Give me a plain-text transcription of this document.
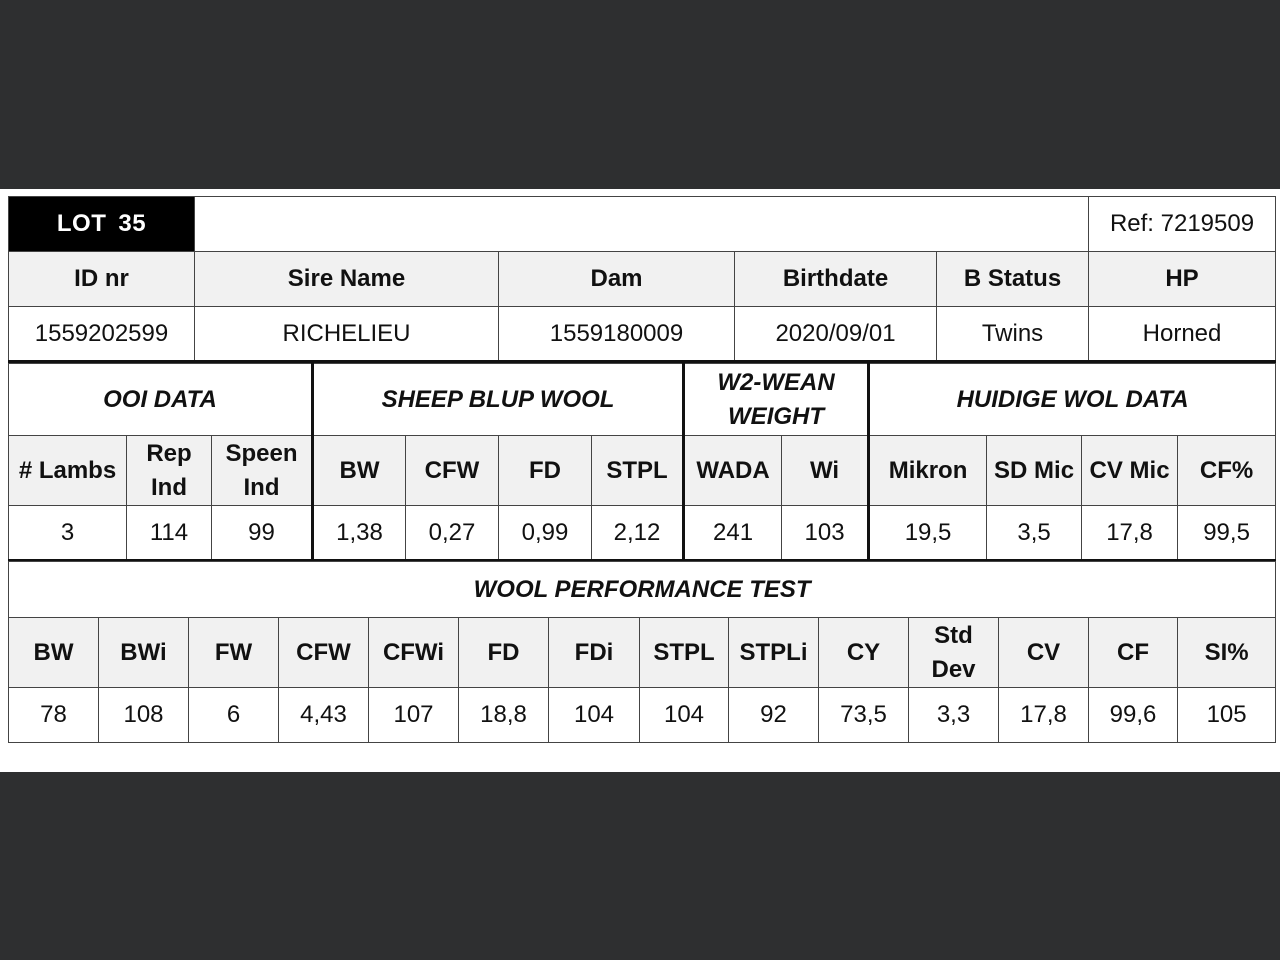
LOT 35					Ref: 7219509
ID nr	Sire Name	Dam	Birthdate	B Status	HP
1559202599	RICHELIEU	1559180009	2020/09/01	Twins	Horned
OOI DATA			SHEEP BLUP WOOL				W2-WEAN WEIGHT		HUIDIGE WOL DATA			
# Lambs	Rep Ind	Speen Ind	BW	CFW	FD	STPL	WADA	Wi	Mikron	SD Mic	CV Mic	CF%
3	114	99	1,38	0,27	0,99	2,12	241	103	19,5	3,5	17,8	99,5
WOOL PERFORMANCE TEST													
BW	BWi	FW	CFW	CFWi	FD	FDi	STPL	STPLi	CY	Std Dev	CV	CF	SI%
78	108	6	4,43	107	18,8	104	104	92	73,5	3,3	17,8	99,6	105
